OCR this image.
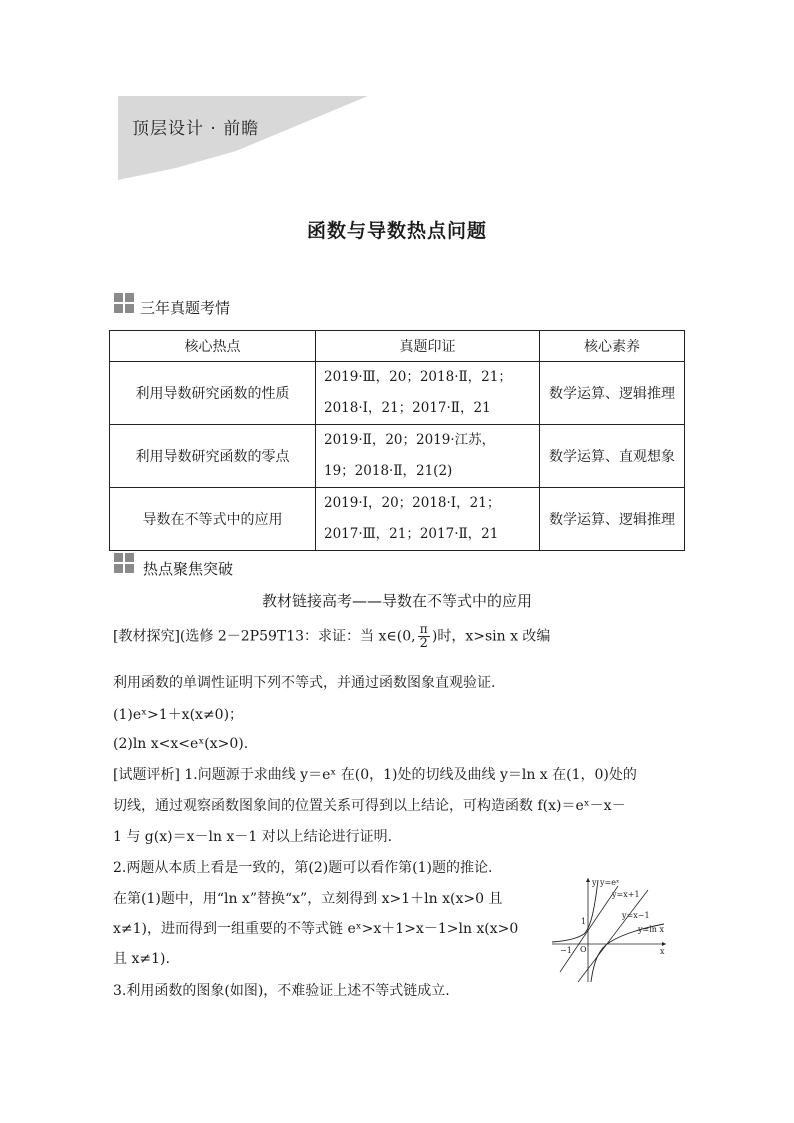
顶层设计 · 前瞻
函数与导数热点问题
三年真题考情
核心热点	真题印证	核心素养
利用导数研究函数的性质	2019·Ⅲ，20；2018·Ⅱ，21；
2018·Ⅰ，21；2017·Ⅱ，21	数学运算、逻辑推理
利用导数研究函数的零点	2019·Ⅱ，20；2019·江苏，
19；2018·Ⅱ，21(2)	数学运算、直观想象
导数在不等式中的应用	2019·Ⅰ，20；2018·Ⅰ，21；
2017·Ⅲ，21；2017·Ⅱ，21	数学运算、逻辑推理
热点聚焦突破
教材链接高考——导数在不等式中的应用
[教材探究](选修 2－2P59T13：求证：当 x∈(0, $\frac{\pi}{2}$ )时，x>sin x 改编
利用函数的单调性证明下列不等式，并通过函数图象直观验证.
(1)eˣ>1＋x(x≠0)；
(2)ln x<x<eˣ(x>0).
[试题评析] 1.问题源于求曲线 y＝eˣ 在(0，1)处的切线及曲线 y＝ln x 在(1，0)处的
切线，通过观察函数图象间的位置关系可得到以上结论，可构造函数 f(x)＝eˣ－x－
1 与 g(x)＝x－ln x－1 对以上结论进行证明.
2.两题从本质上看是一致的，第(2)题可以看作第(1)题的推论.
在第(1)题中，用“ln x”替换“x”，立刻得到 x>1＋ln x(x>0 且
x≠1)，进而得到一组重要的不等式链 eˣ>x＋1>x－1>ln x(x>0
且 x≠1).
3.利用函数的图象(如图)，不难验证上述不等式链成立.
y
x
O
1
−1
y=eˣ
y=x+1
y=x−1
y=ln x
